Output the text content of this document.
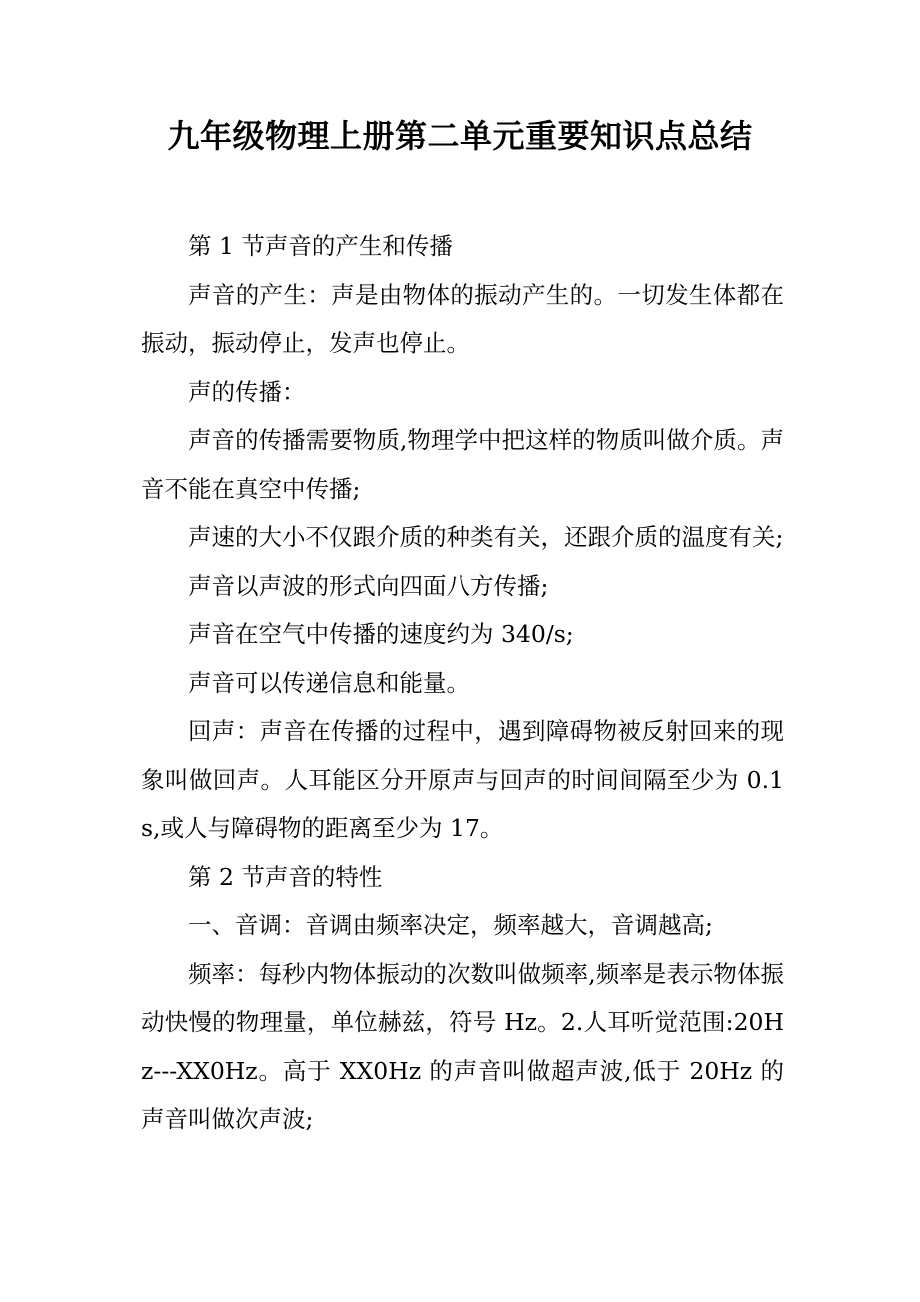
九年级物理上册第二单元重要知识点总结

第 1 节声音的产生和传播

声音的产生：声是由物体的振动产生的。一切发生体都在振动，振动停止，发声也停止。

声的传播：

声音的传播需要物质,物理学中把这样的物质叫做介质。声音不能在真空中传播;

声速的大小不仅跟介质的种类有关，还跟介质的温度有关;

声音以声波的形式向四面八方传播;

声音在空气中传播的速度约为 340/s;

声音可以传递信息和能量。

回声：声音在传播的过程中，遇到障碍物被反射回来的现象叫做回声。人耳能区分开原声与回声的时间间隔至少为 0.1s,或人与障碍物的距离至少为 17。

第 2 节声音的特性

一、音调：音调由频率决定，频率越大，音调越高;

频率：每秒内物体振动的次数叫做频率,频率是表示物体振动快慢的物理量，单位赫兹，符号 Hz。2.人耳听觉范围:20Hz---XX0Hz。高于 XX0Hz 的声音叫做超声波,低于 20Hz 的声音叫做次声波;
